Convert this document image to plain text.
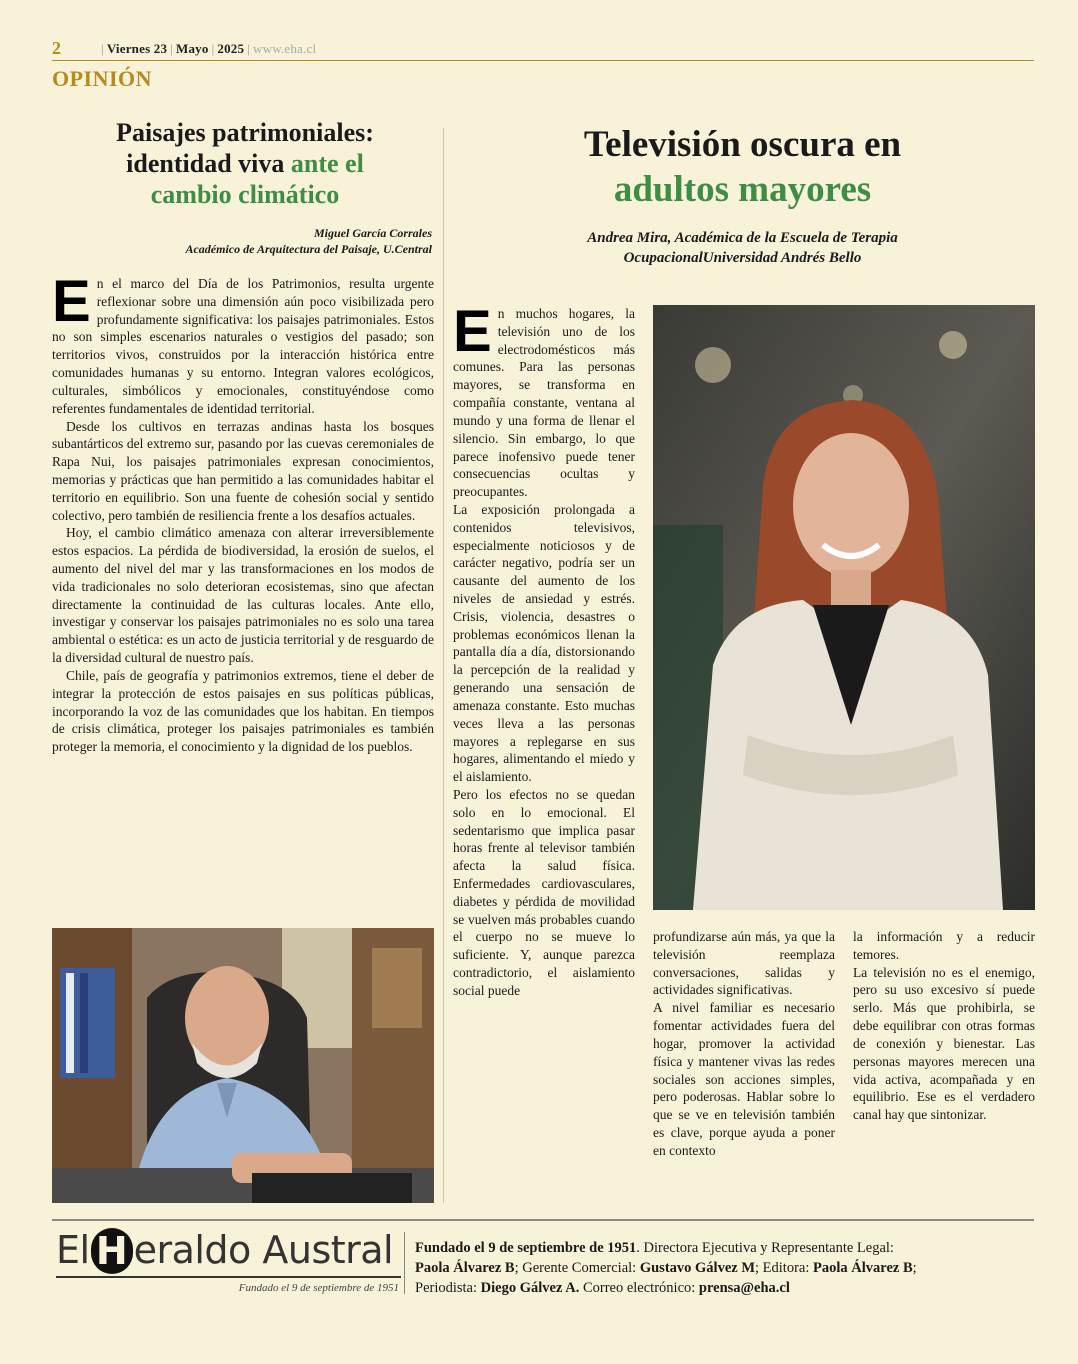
2	| Viernes 23 | Mayo | 2025 | www.eha.cl
OPINIÓN
Paisajes patrimoniales:
identidad viva ante el
cambio climático
Miguel García Corrales
Académico de Arquitectura del Paisaje, U.Central

En el marco del Día de los Patrimonios, resulta urgente reflexionar sobre una dimensión aún poco visibilizada pero profundamente significativa: los paisajes patrimoniales. Estos no son simples escenarios naturales o vestigios del pasado; son territorios vivos, construidos por la interacción histórica entre comunidades humanas y su entorno. Integran valores ecológicos, culturales, simbólicos y emocionales, constituyéndose como referentes fundamentales de identidad territorial.

Desde los cultivos en terrazas andinas hasta los bosques subantárticos del extremo sur, pasando por las cuevas ceremoniales de Rapa Nui, los paisajes patrimoniales expresan conocimientos, memorias y prácticas que han permitido a las comunidades habitar el territorio en equilibrio. Son una fuente de cohesión social y sentido colectivo, pero también de resiliencia frente a los desafíos actuales.

Hoy, el cambio climático amenaza con alterar irreversiblemente estos espacios. La pérdida de biodiversidad, la erosión de suelos, el aumento del nivel del mar y las transformaciones en los modos de vida tradicionales no solo deterioran ecosistemas, sino que afectan directamente la continuidad de las culturas locales. Ante ello, investigar y conservar los paisajes patrimoniales no es solo una tarea ambiental o estética: es un acto de justicia territorial y de resguardo de la diversidad cultural de nuestro país.

Chile, país de geografía y patrimonios extremos, tiene el deber de integrar la protección de estos paisajes en sus políticas públicas, incorporando la voz de las comunidades que los habitan. En tiempos de crisis climática, proteger los paisajes patrimoniales es también proteger la memoria, el conocimiento y la dignidad de los pueblos.

Televisión oscura en
adultos mayores
Andrea Mira, Académica de la Escuela de Terapia
OcupacionalUniversidad Andrés Bello

En muchos hogares, la televisión uno de los electrodomésticos más comunes. Para las personas mayores, se transforma en compañía constante, ventana al mundo y una forma de llenar el silencio. Sin embargo, lo que parece inofensivo puede tener consecuencias ocultas y preocupantes.

La exposición prolongada a contenidos televisivos, especialmente noticiosos y de carácter negativo, podría ser un causante del aumento de los niveles de ansiedad y estrés. Crisis, violencia, desastres o problemas económicos llenan la pantalla día a día, distorsionando la percepción de la realidad y generando una sensación de amenaza constante. Esto muchas veces lleva a las personas mayores a replegarse en sus hogares, alimentando el miedo y el aislamiento.

Pero los efectos no se quedan solo en lo emocional. El sedentarismo que implica pasar horas frente al televisor también afecta la salud física. Enfermedades cardiovasculares, diabetes y pérdida de movilidad se vuelven más probables cuando el cuerpo no se mueve lo suficiente. Y, aunque parezca contradictorio, el aislamiento social puede

profundizarse aún más, ya que la televisión reemplaza conversaciones, salidas y actividades significativas.

A nivel familiar es necesario fomentar actividades fuera del hogar, promover la actividad física y mantener vivas las redes sociales son acciones simples, pero poderosas. Hablar sobre lo que se ve en televisión también es clave, porque ayuda a poner en contexto

la información y a reducir temores.

La televisión no es el enemigo, pero su uso excesivo sí puede serlo. Más que prohibirla, se debe equilibrar con otras formas de conexión y bienestar. Las personas mayores merecen una vida activa, acompañada y en equilibrio. Ese es el verdadero canal hay que sintonizar.

El H eraldo Austral
Fundado el 9 de septiembre de 1951
Fundado el 9 de septiembre de 1951. Directora Ejecutiva y Representante Legal:
Paola Álvarez B; Gerente Comercial: Gustavo Gálvez M; Editora: Paola Álvarez B;
Periodista: Diego Gálvez A. Correo electrónico: prensa@eha.cl
